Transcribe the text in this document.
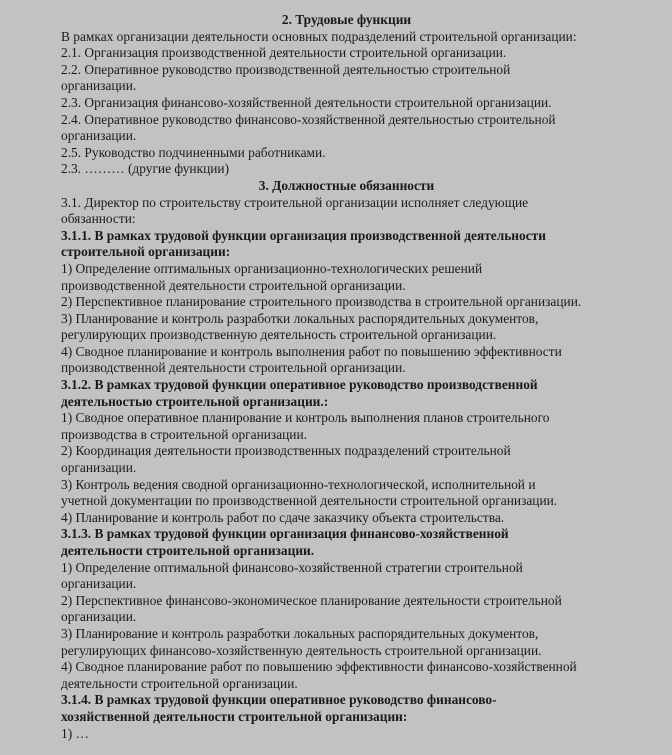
2. Трудовые функции
В рамках организации деятельности основных подразделений строительной организации:
2.1. Организация производственной деятельности строительной организации.
2.2. Оперативное руководство производственной деятельностью строительной
организации.
2.3. Организация финансово-хозяйственной деятельности строительной организации.
2.4. Оперативное руководство финансово-хозяйственной деятельностью строительной
организации.
2.5. Руководство подчиненными работниками.
2.3. ……… (другие функции)
3. Должностные обязанности
3.1. Директор по строительству строительной организации исполняет следующие
обязанности:
3.1.1. В рамках трудовой функции организация производственной деятельности
строительной организации:
1) Определение оптимальных организационно-технологических решений
производственной деятельности строительной организации.
2) Перспективное планирование строительного производства в строительной организации.
3) Планирование и контроль разработки локальных распорядительных документов,
регулирующих производственную деятельность строительной организации.
4) Сводное планирование и контроль выполнения работ по повышению эффективности
производственной деятельности строительной организации.
3.1.2. В рамках трудовой функции оперативное руководство производственной
деятельностью строительной организации.:
1) Сводное оперативное планирование и контроль выполнения планов строительного
производства в строительной организации.
2) Координация деятельности производственных подразделений строительной
организации.
3) Контроль ведения сводной организационно-технологической, исполнительной и
учетной документации по производственной деятельности строительной организации.
4) Планирование и контроль работ по сдаче заказчику объекта строительства.
3.1.3. В рамках трудовой функции организация финансово-хозяйственной
деятельности строительной организации.
1) Определение оптимальной финансово-хозяйственной стратегии строительной
организации.
2) Перспективное финансово-экономическое планирование деятельности строительной
организации.
3) Планирование и контроль разработки локальных распорядительных документов,
регулирующих финансово-хозяйственную деятельность строительной организации.
4) Сводное планирование работ по повышению эффективности финансово-хозяйственной
деятельности строительной организации.
3.1.4. В рамках трудовой функции оперативное руководство финансово-
хозяйственной деятельности строительной организации:
1) …
